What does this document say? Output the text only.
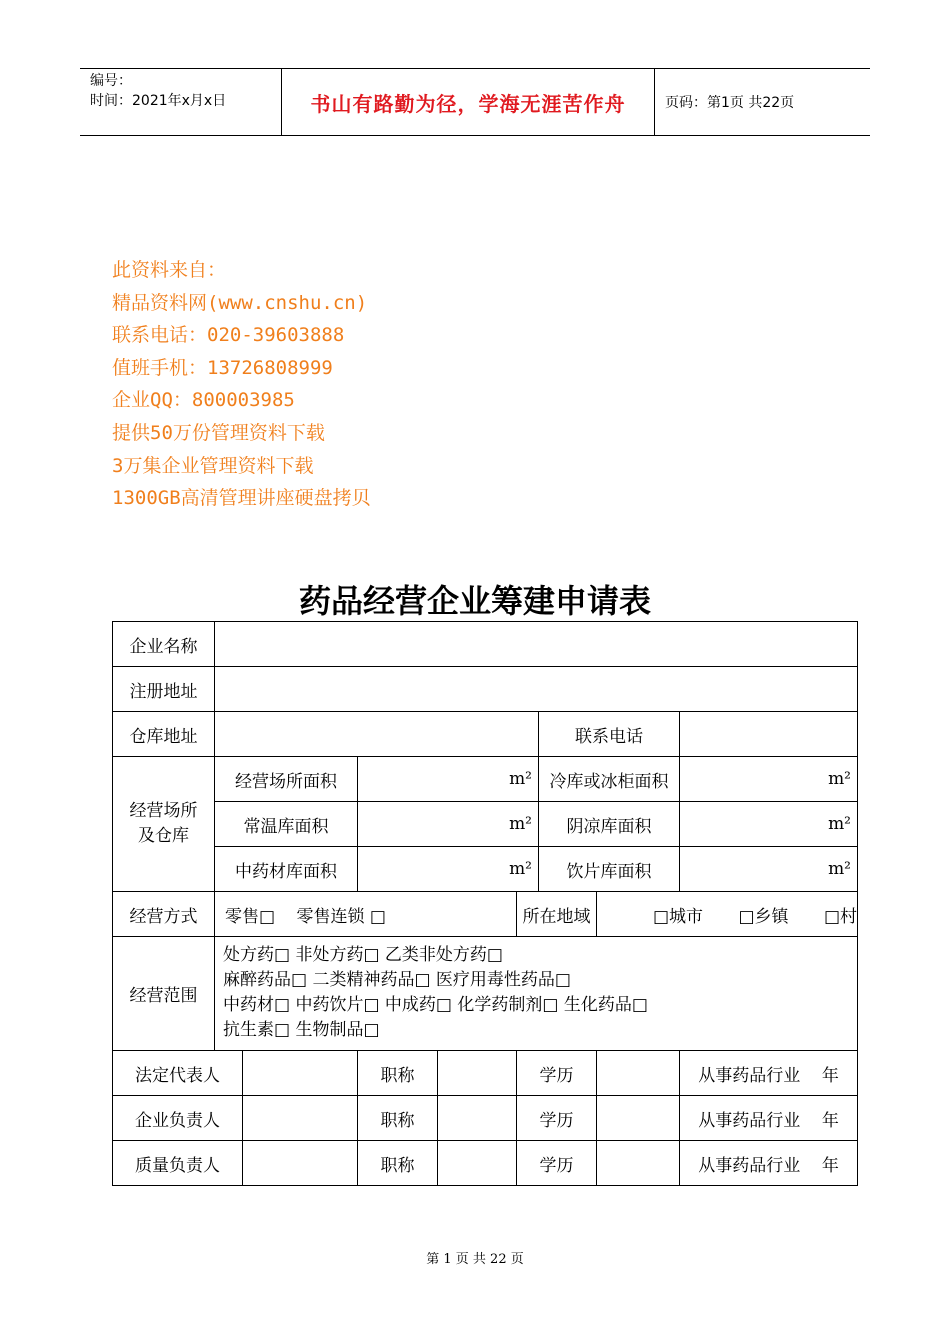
编号：
时间：2021年x月x日	书山有路勤为径，学海无涯苦作舟	页码：第1页 共22页
此资料来自：
精品资料网(www.cnshu.cn)
联系电话：020-39603888
值班手机：13726808999
企业QQ：800003985
提供50万份管理资料下载
3万集企业管理资料下载
1300GB高清管理讲座硬盘拷贝
药品经营企业筹建申请表
企业名称								
注册地址								
仓库地址						联系电话		
经营场所及仓库	经营场所面积		m²			冷库或冰柜面积		m²
	常温库面积		m²			阴凉库面积		m²
	中药材库面积		m²			饮片库面积		m²
经营方式	零售□ 零售连锁 □				所在地域		□城市 □乡镇 □村	
经营范围	处方药□ 非处方药□ 乙类非处方药□
麻醉药品□ 二类精神药品□ 医疗用毒性药品□
中药材□ 中药饮片□ 中成药□ 化学药制剂□ 生化药品□
抗生素□ 生物制品□							

法定代表人			职称		学历			从事药品行业 年
企业负责人			职称		学历			从事药品行业 年
质量负责人			职称		学历			从事药品行业 年
第 1 页 共 22 页
